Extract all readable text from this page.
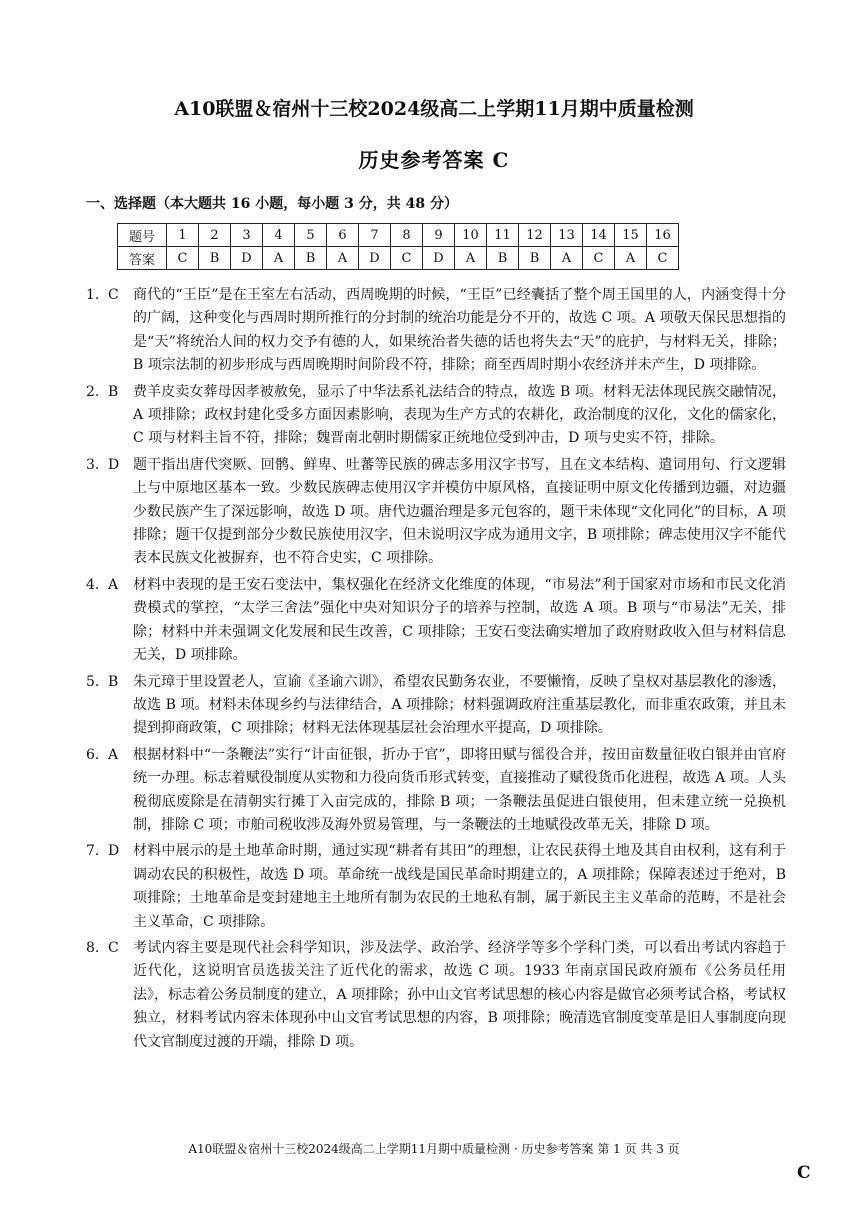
A10联盟＆宿州十三校2024级高二上学期11月期中质量检测
历史参考答案 C
一、选择题（本大题共 16 小题，每小题 3 分，共 48 分）
题号	1	2	3	4	5	6	7	8	9	10	11	12	13	14	15	16
答案	C	B	D	A	B	A	D	C	D	A	B	B	A	C	A	C
1. C	商代的“王臣”是在王室左右活动，西周晚期的时候，“王臣”已经囊括了整个周王国里的人，内涵变得十分的广阔，这种变化与西周时期所推行的分封制的统治功能是分不开的，故选 C 项。A 项敬天保民思想指的是“天”将统治人间的权力交予有德的人，如果统治者失德的话也将失去“天”的庇护，与材料无关，排除；B 项宗法制的初步形成与西周晚期时间阶段不符，排除；商至西周时期小农经济并未产生，D 项排除。
2. B	费羊皮卖女葬母因孝被赦免，显示了中华法系礼法结合的特点，故选 B 项。材料无法体现民族交融情况，A 项排除；政权封建化受多方面因素影响，表现为生产方式的农耕化，政治制度的汉化，文化的儒家化，C 项与材料主旨不符，排除；魏晋南北朝时期儒家正统地位受到冲击，D 项与史实不符，排除。
3. D 题干指出唐代突厥、回鹘、鲜卑、吐蕃等民族的碑志多用汉字书写，且在文本结构、遣词用句、行文逻辑上与中原地区基本一致。少数民族碑志使用汉字并模仿中原风格，直接证明中原文化传播到边疆，对边疆少数民族产生了深远影响，故选 D 项。唐代边疆治理是多元包容的，题干未体现“文化同化”的目标，A 项排除；题干仅提到部分少数民族使用汉字，但未说明汉字成为通用文字，B 项排除；碑志使用汉字不能代表本民族文化被摒弃，也不符合史实，C 项排除。
4. A	材料中表现的是王安石变法中，集权强化在经济文化维度的体现，“市易法”利于国家对市场和市民文化消费模式的掌控，“太学三舍法”强化中央对知识分子的培养与控制，故选 A 项。B 项与“市易法”无关，排除；材料中并未强调文化发展和民生改善，C 项排除；王安石变法确实增加了政府财政收入但与材料信息无关，D 项排除。
5. B	朱元璋于里设置老人，宣谕《圣谕六训》，希望农民勤务农业，不要懒惰，反映了皇权对基层教化的渗透，故选 B 项。材料未体现乡约与法律结合，A 项排除；材料强调政府注重基层教化，而非重农政策，并且未提到抑商政策，C 项排除；材料无法体现基层社会治理水平提高，D 项排除。
6. A	根据材料中“一条鞭法”实行“计亩征银，折办于官”，即将田赋与徭役合并，按田亩数量征收白银并由官府统一办理。标志着赋役制度从实物和力役向货币形式转变，直接推动了赋役货币化进程，故选 A 项。人头税彻底废除是在清朝实行摊丁入亩完成的，排除 B 项；一条鞭法虽促进白银使用，但未建立统一兑换机制，排除 C 项；市舶司税收涉及海外贸易管理，与一条鞭法的土地赋役改革无关，排除 D 项。
7. D 材料中展示的是土地革命时期，通过实现“耕者有其田”的理想，让农民获得土地及其自由权利，这有利于调动农民的积极性，故选 D 项。革命统一战线是国民革命时期建立的，A 项排除；保障表述过于绝对，B 项排除；土地革命是变封建地主土地所有制为农民的土地私有制，属于新民主主义革命的范畴，不是社会主义革命，C 项排除。
8. C	考试内容主要是现代社会科学知识，涉及法学、政治学、经济学等多个学科门类，可以看出考试内容趋于近代化，这说明官员选拔关注了近代化的需求，故选 C 项。1933 年南京国民政府颁布《公务员任用法》，标志着公务员制度的建立，A 项排除；孙中山文官考试思想的核心内容是做官必须考试合格，考试权独立，材料考试内容未体现孙中山文官考试思想的内容，B 项排除；晚清选官制度变革是旧人事制度向现代文官制度过渡的开端，排除 D 项。
A10联盟＆宿州十三校2024级高二上学期11月期中质量检测 · 历史参考答案 第 1 页 共 3 页
C
